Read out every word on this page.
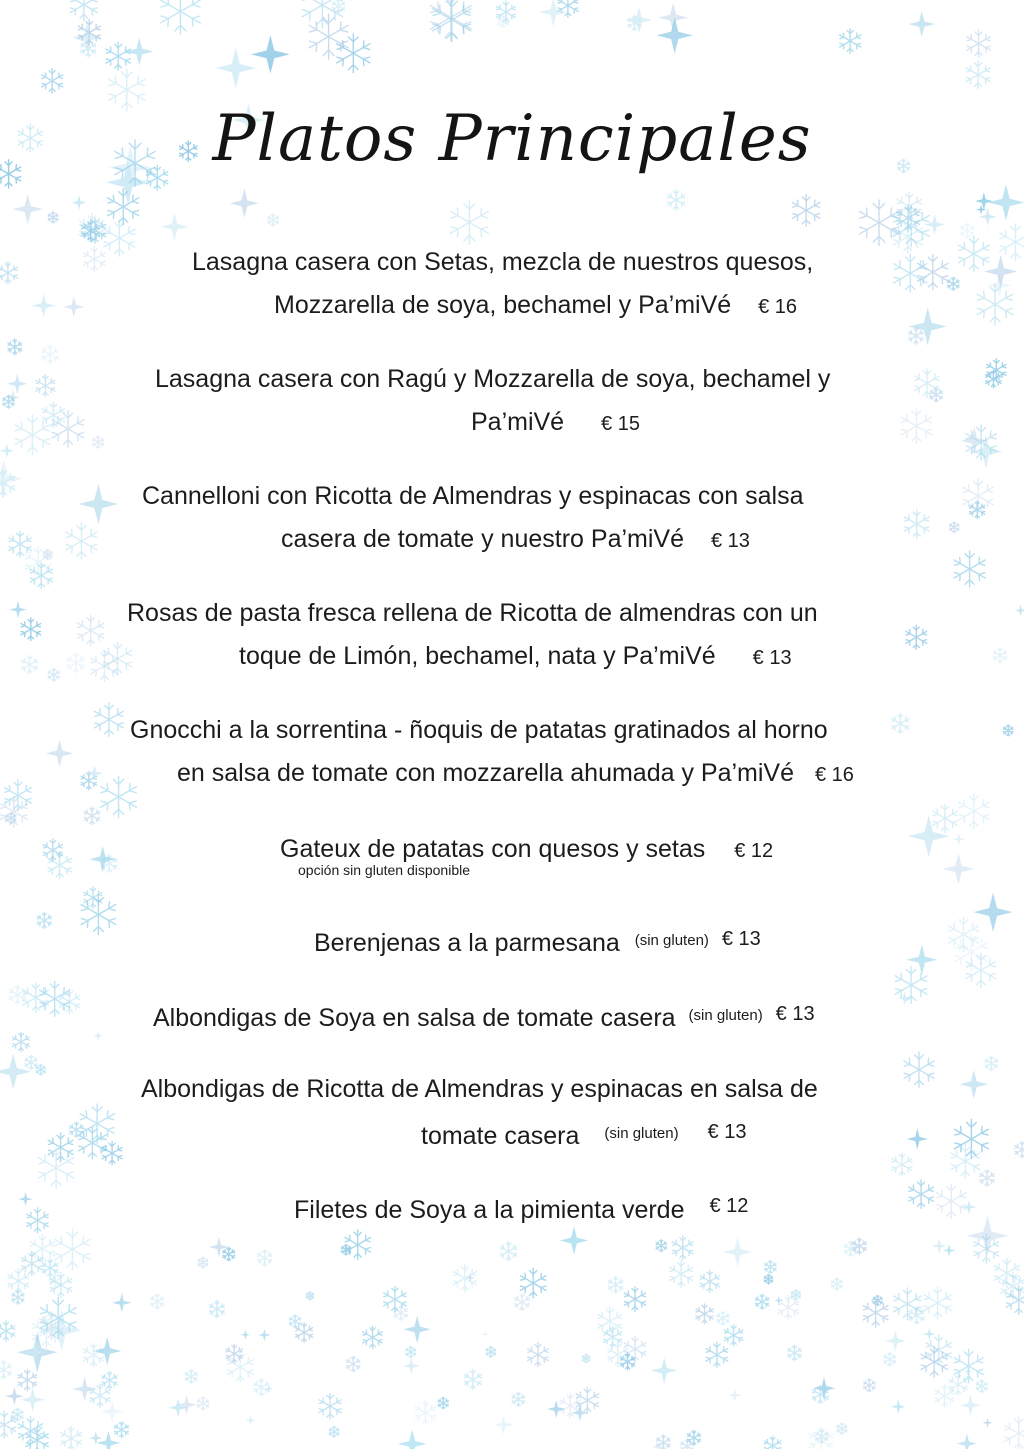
Platos Principales
Lasagna casera con Setas, mezcla de nuestros quesos,
Mozzarella de soya, bechamel y Pa’miVé € 16
Lasagna casera con Ragú y Mozzarella de soya, bechamel y
Pa’miVé € 15
Cannelloni con Ricotta de Almendras y espinacas con salsa
casera de tomate y nuestro Pa’miVé € 13
Rosas de pasta fresca rellena de Ricotta de almendras con un
toque de Limón, bechamel, nata y Pa’miVé € 13
Gnocchi a la sorrentina - ñoquis de patatas gratinados al horno
en salsa de tomate con mozzarella ahumada y Pa’miVé € 16
Gateux de patatas con quesos y setas € 12
opción sin gluten disponible
Berenjenas a la parmesana $^{(sin gluten)}$ $^{€ 13}$
Albondigas de Soya en salsa de tomate casera $^{(sin gluten)}$ $^{€ 13}$
Albondigas de Ricotta de Almendras y espinacas en salsa de
tomate casera $^{(sin gluten)}$ $^{€ 13}$
Filetes de Soya a la pimienta verde $^{€ 12}$
